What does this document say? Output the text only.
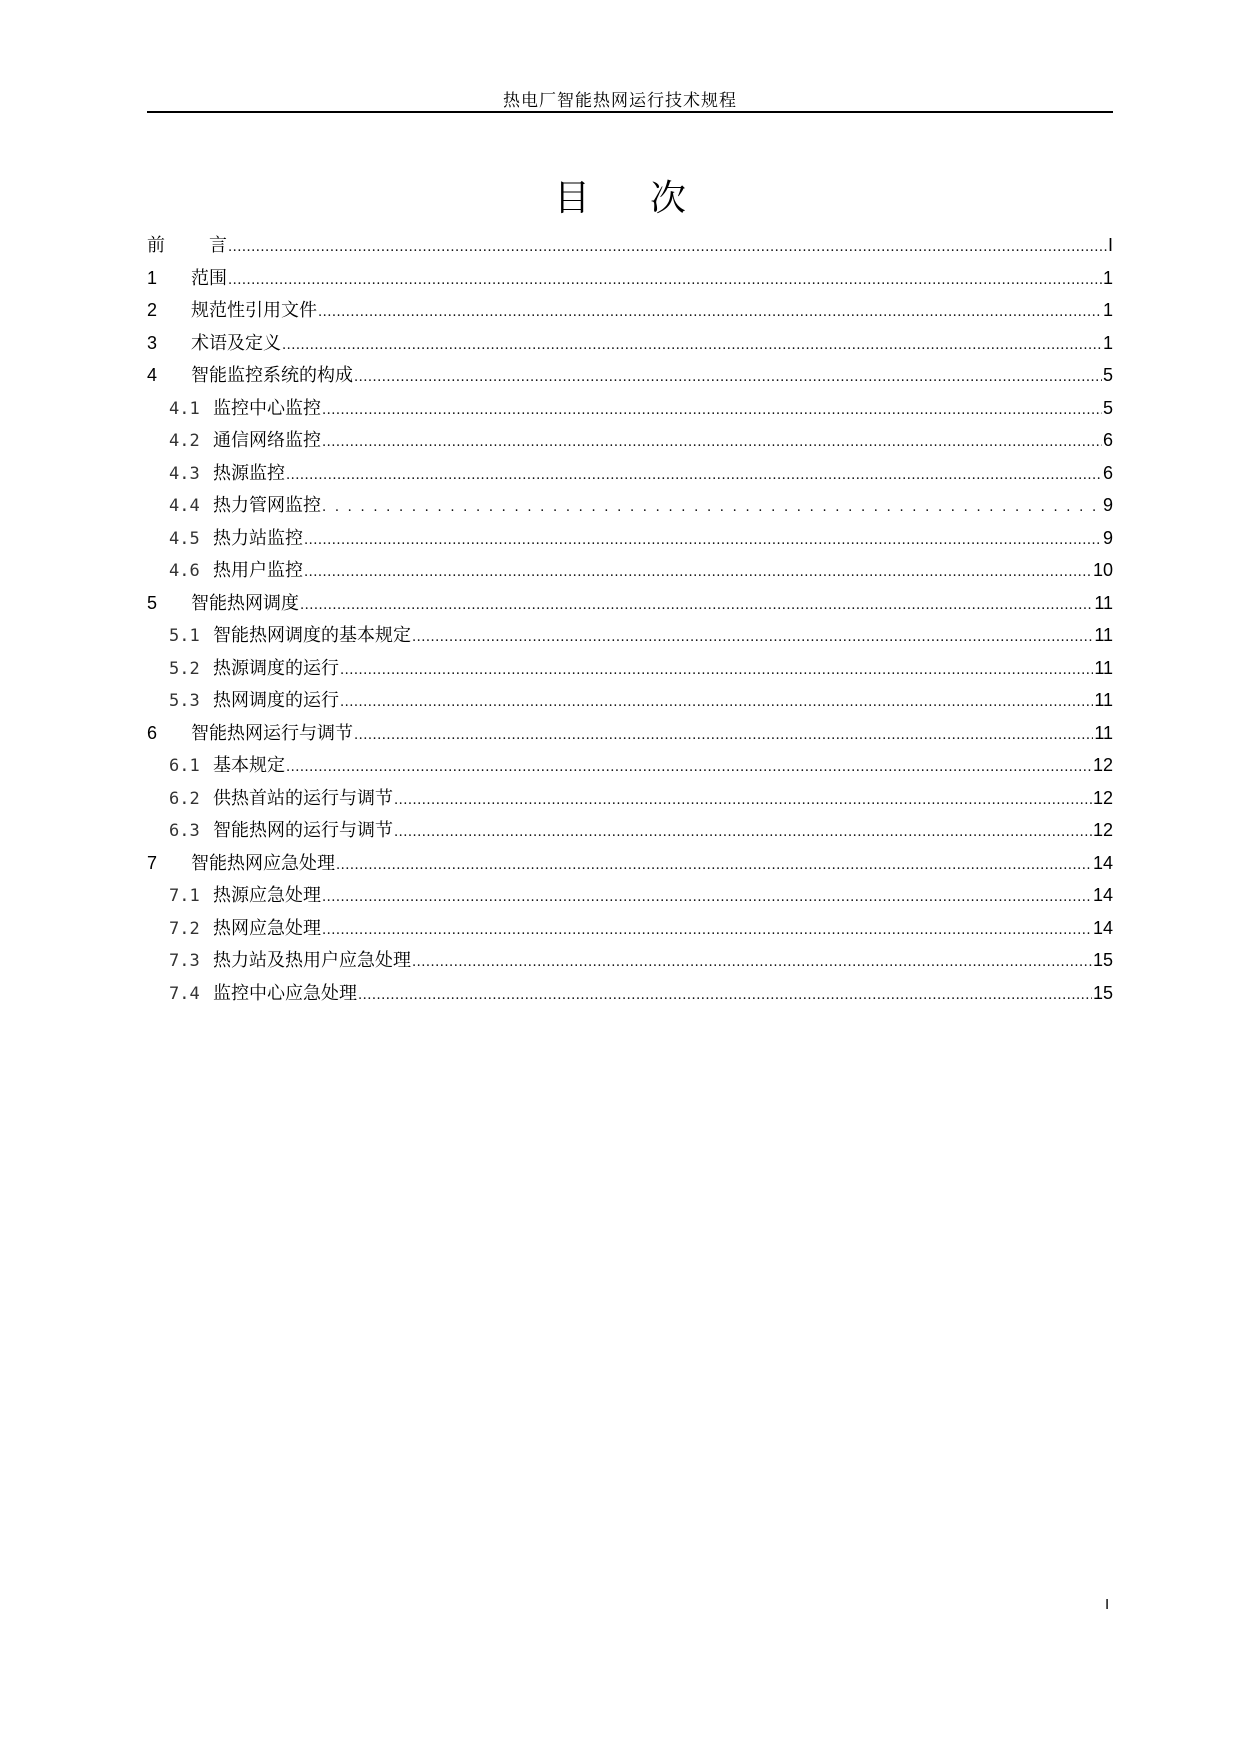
热电厂智能热网运行技术规程
目 次
前 言 .....	I
1	范围 .....	1
2	规范性引用文件 .....	1
3	术语及定义 .....	1
4	智能监控系统的构成 .....	5
4.1 监控中心监控 .....	5
4.2 通信网络监控 .....	6
4.3 热源监控 .....	6
4.4 热力管网监控 .....	9
4.5 热力站监控 .....	9
4.6 热用户监控 .....	10
5	智能热网调度 .....	11
5.1 智能热网调度的基本规定 .....	11
5.2 热源调度的运行 .....	11
5.3 热网调度的运行 .....	11
6	智能热网运行与调节 .....	11
6.1 基本规定 .....	12
6.2 供热首站的运行与调节 .....	12
6.3 智能热网的运行与调节 .....	12
7	智能热网应急处理 .....	14
7.1 热源应急处理 .....	14
7.2 热网应急处理 .....	14
7.3 热力站及热用户应急处理 .....	15
7.4 监控中心应急处理 .....	15
I
